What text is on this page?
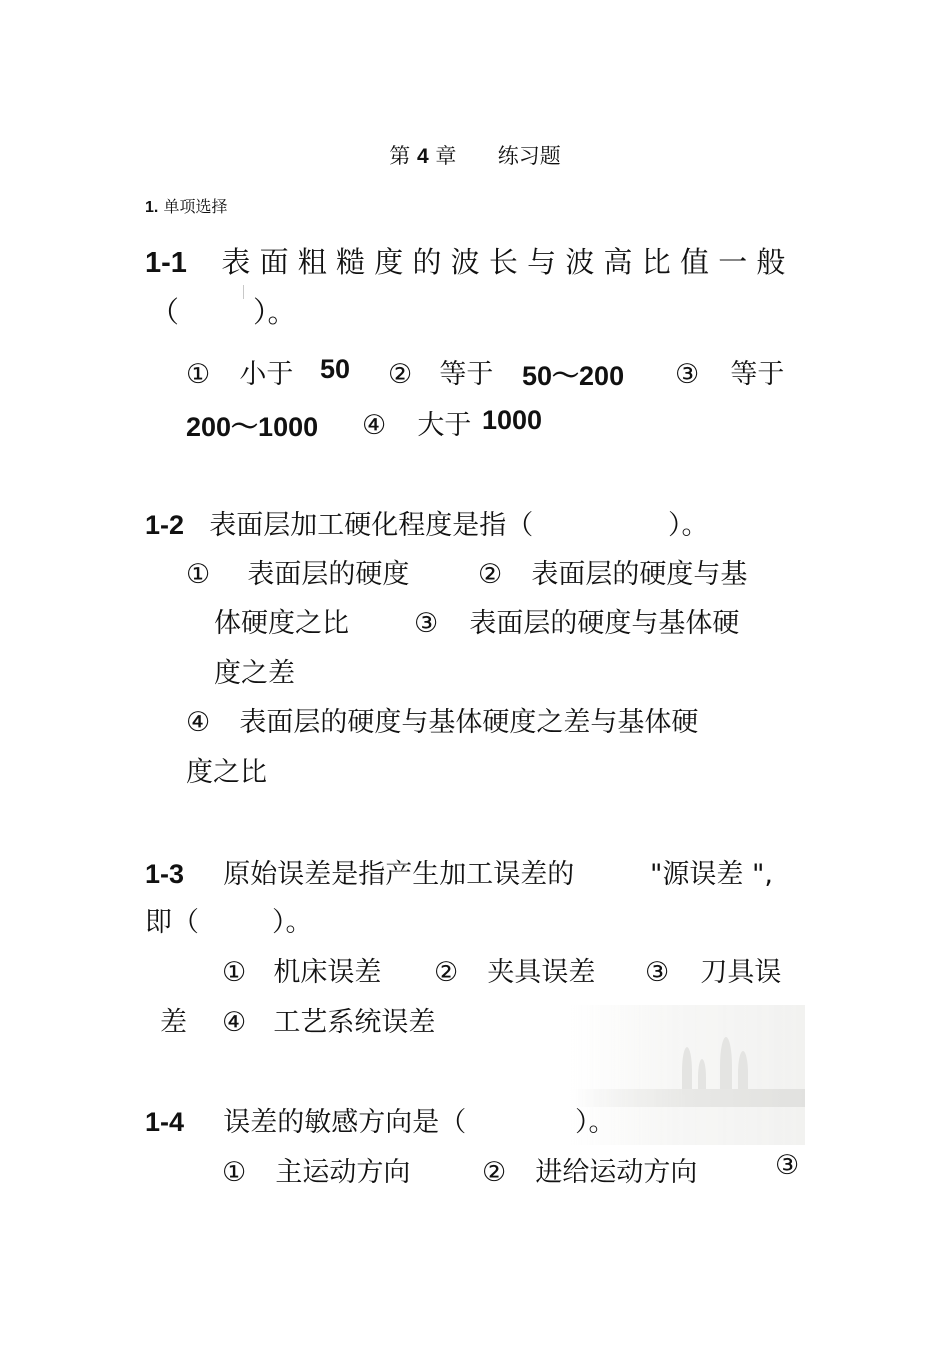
第 4 章 练习题
1. 单项选择
1-1 表 面 粗 糙 度 的 波 长 与 波 高 比 值 一 般
（	）。
① 小于 50 ② 等于 50～200 ③ 等于
200～1000 ④ 大于 1000
1-2 表面层加工硬化程度是指（	）。
① 表面层的硬度	② 表面层的硬度与基
体硬度之比 ③ 表面层的硬度与基体硬
度之差
④ 表面层的硬度与基体硬度之差与基体硬
度之比
1-3 原始误差是指产生加工误差的	"源误差 ",
即（	）。
① 机床误差 ② 夹具误差 ③ 刀具误
差 ④ 工艺系统误差
1-4 误差的敏感方向是（	）。
① 主运动方向	② 进给运动方向	③
